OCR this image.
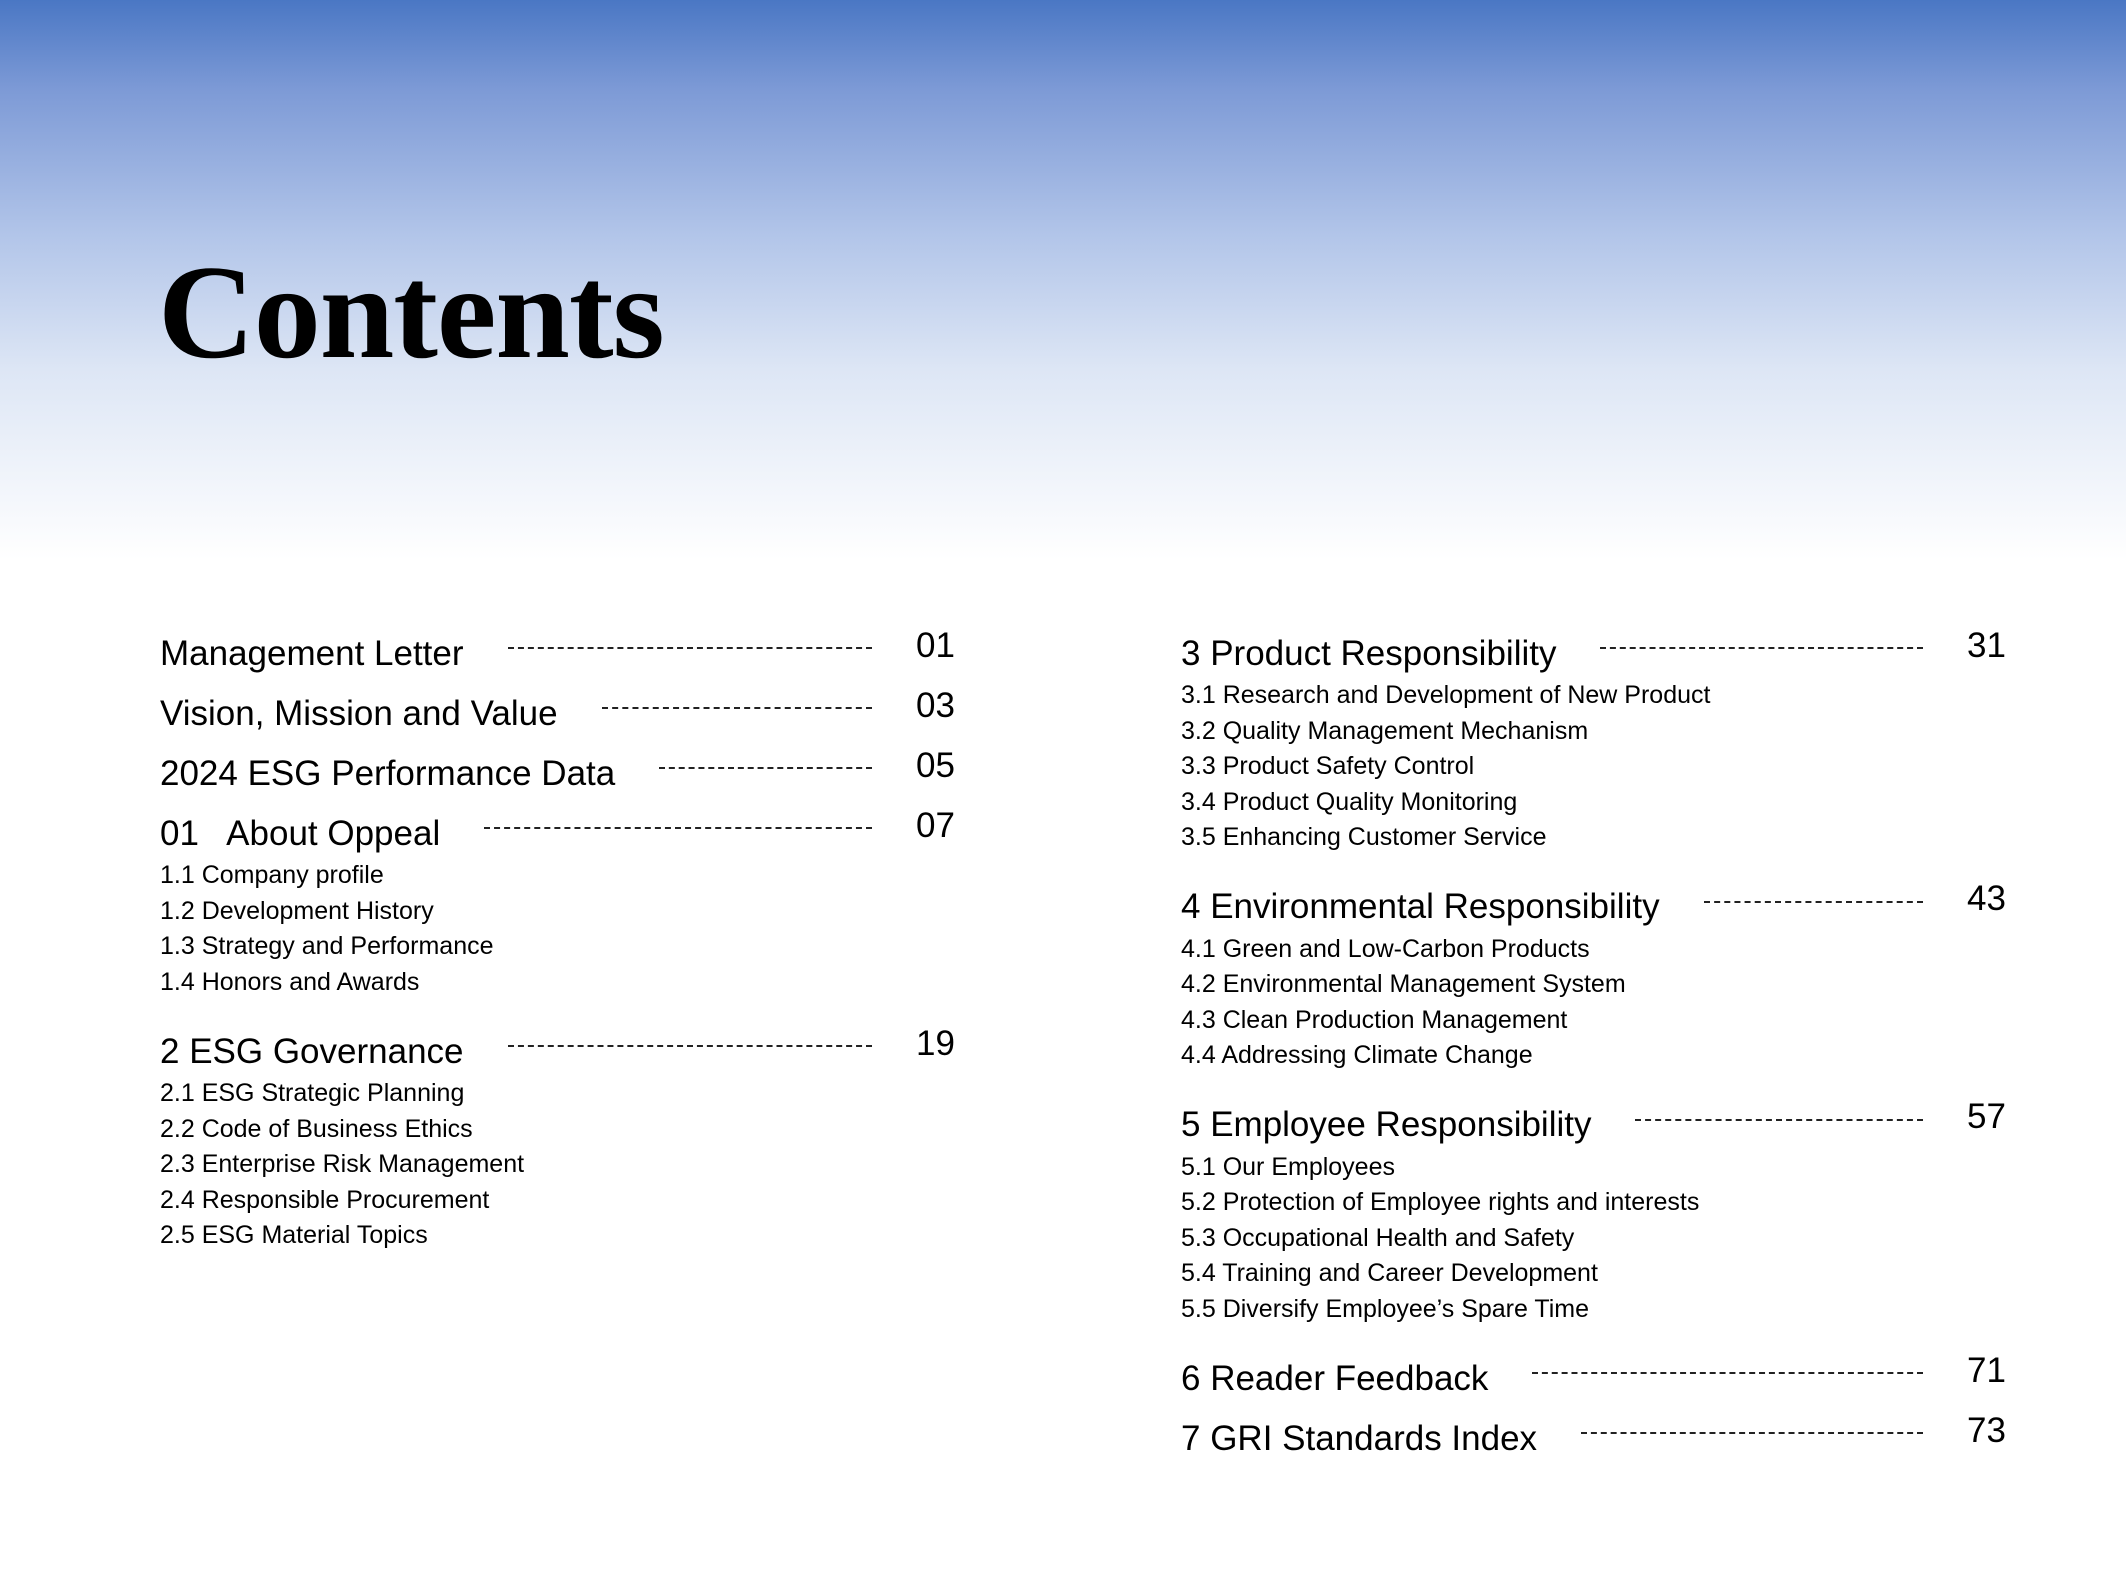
Contents
Management Letter	01
Vision, Mission and Value	03
2024 ESG Performance Data	05
01   About Oppeal	07
1.1 Company profile
1.2 Development History
1.3 Strategy and Performance
1.4 Honors and Awards
2 ESG Governance	19
2.1 ESG Strategic Planning
2.2 Code of Business Ethics
2.3 Enterprise Risk Management
2.4 Responsible Procurement
2.5 ESG Material Topics
3 Product Responsibility	31
3.1 Research and Development of New Product
3.2 Quality Management Mechanism
3.3 Product Safety Control
3.4 Product Quality Monitoring
3.5 Enhancing Customer Service
4 Environmental Responsibility	43
4.1 Green and Low-Carbon Products
4.2 Environmental Management System
4.3 Clean Production Management
4.4 Addressing Climate Change
5 Employee Responsibility	57
5.1 Our Employees
5.2 Protection of Employee rights and interests
5.3 Occupational Health and Safety
5.4 Training and Career Development
5.5 Diversify Employee’s Spare Time
6 Reader Feedback	71
7 GRI Standards Index	73
